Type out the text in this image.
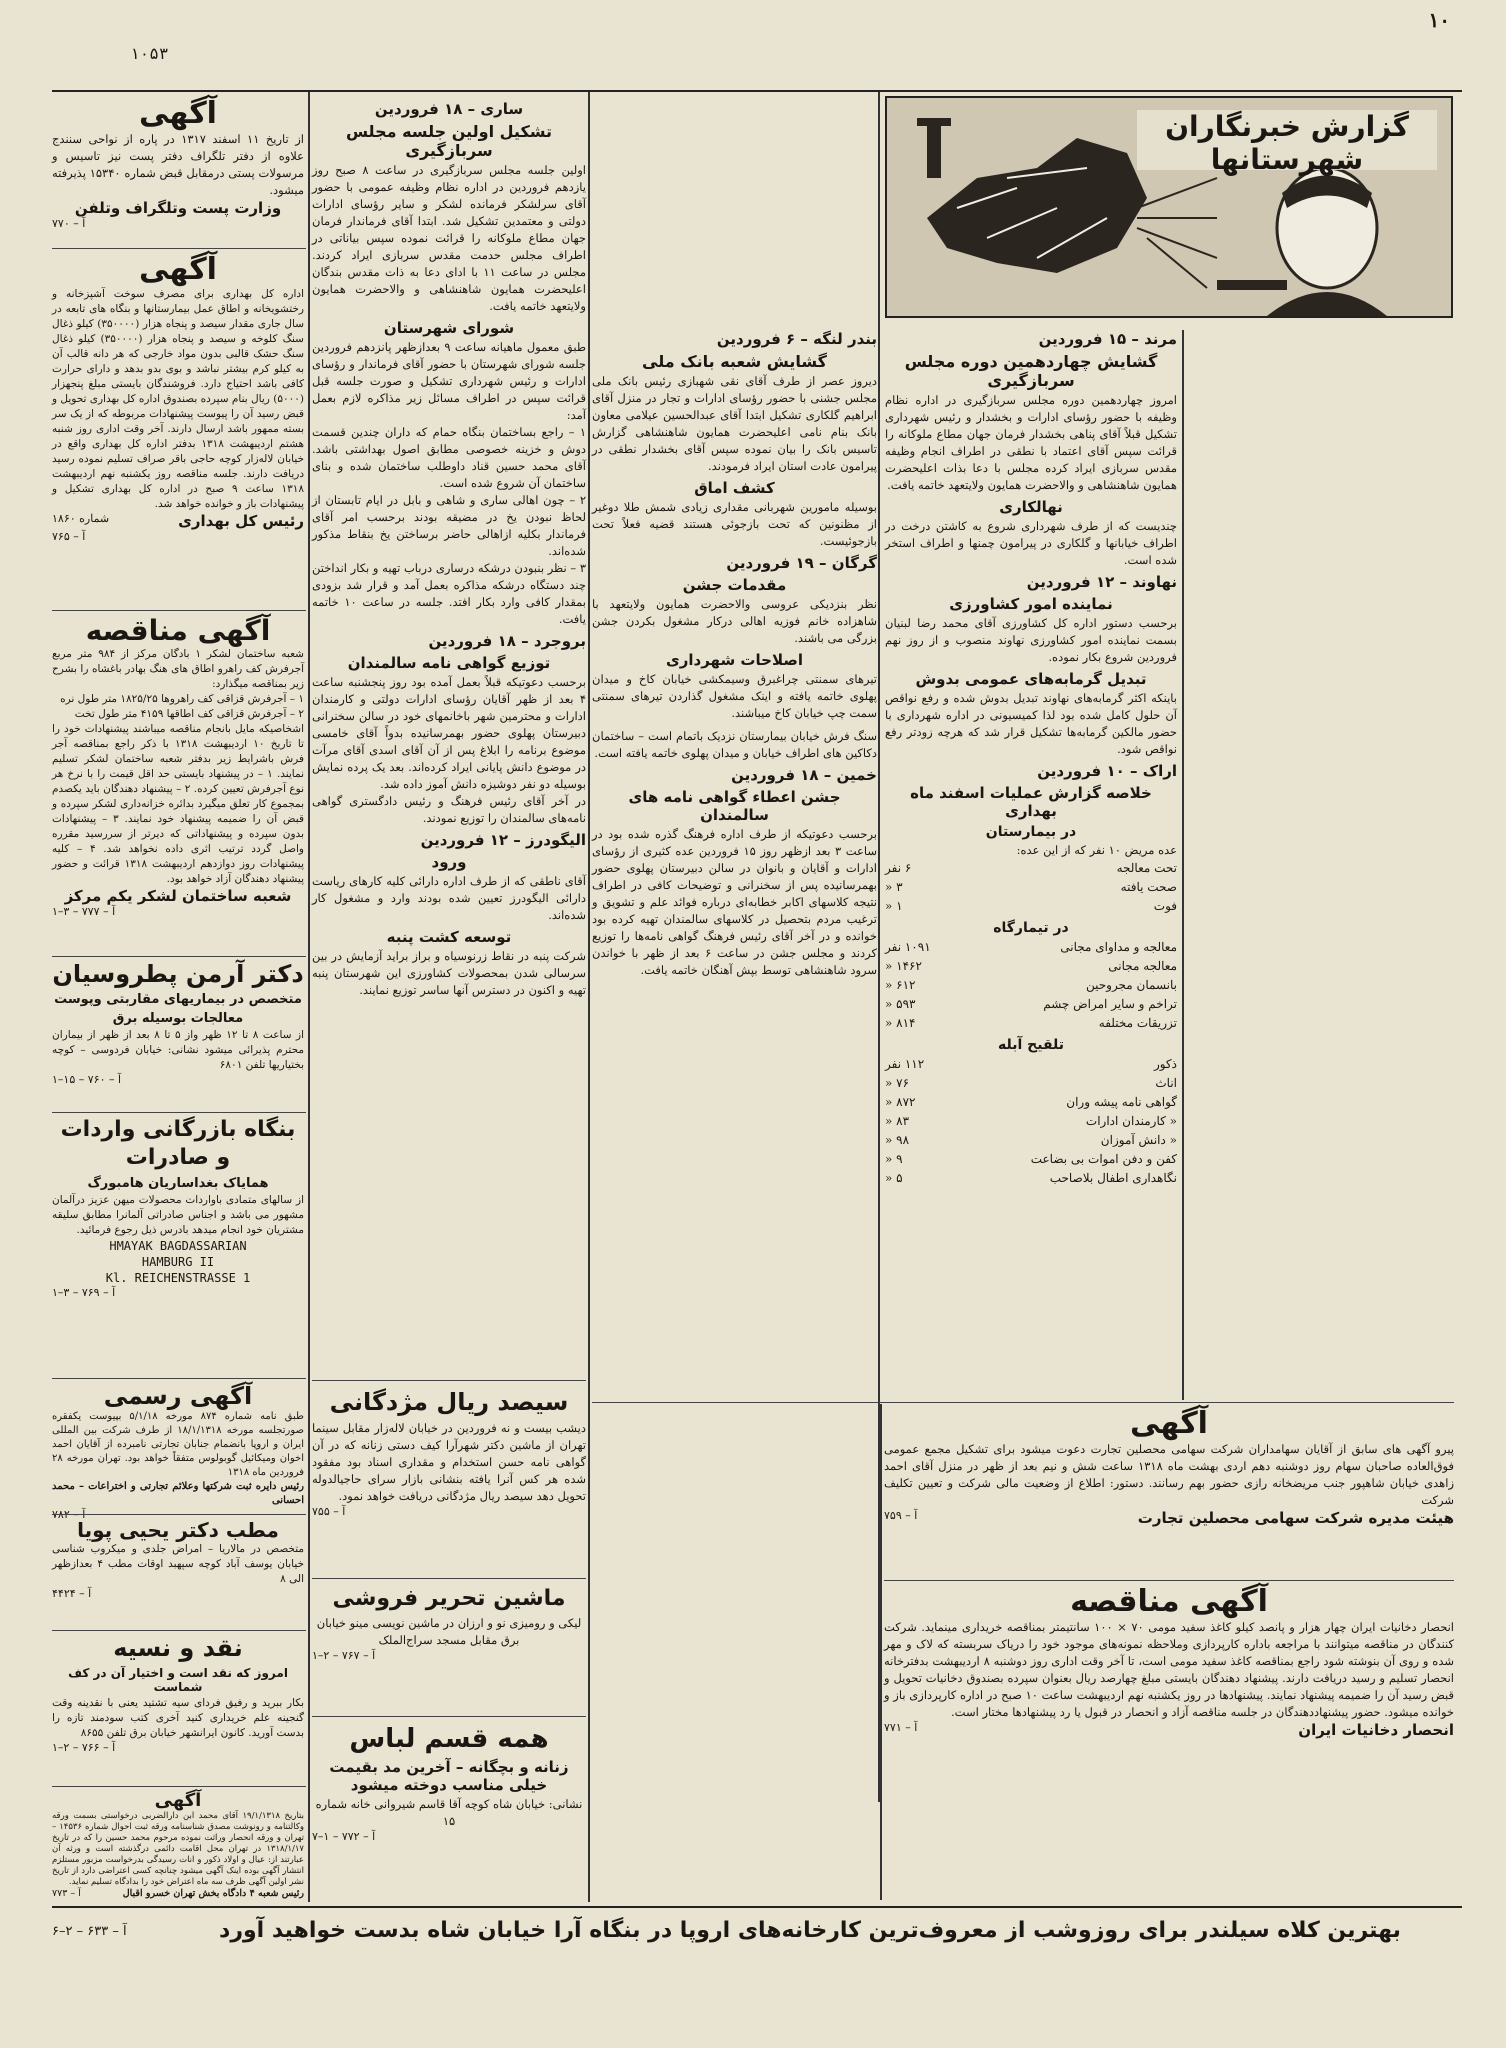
۱۰
۱۰۵۳
گزارش خبرنگاران شهرستانها
مرند – ۱۵ فروردین
گشایش چهاردهمین دوره مجلس سربازگیری
امروز چهاردهمین دوره مجلس سربازگیری در اداره نظام وظیفه با حضور رؤسای ادارات و بخشدار و رئیس شهرداری تشکیل قبلاً آقای پناهی بخشدار فرمان جهان مطاع ملوکانه را قرائت سپس آقای اعتماد با نطقی در اطراف انجام وظیفه مقدس سربازی ایراد کرده مجلس با دعا بذات اعلیحضرت همایون شاهنشاهی و والاحضرت همایون ولایتعهد خاتمه یافت.
نهالکاری
چندیست که از طرف شهرداری شروع به کاشتن درخت در اطراف خیابانها و گلکاری در پیرامون چمنها و اطراف استخر شده است.
نهاوند – ۱۲ فروردین
نماینده امور کشاورزی
برحسب دستور اداره کل کشاورزی آقای محمد رضا لبنیان بسمت نماینده امور کشاورزی نهاوند منصوب و از روز نهم فروردین شروع بکار نموده.
تبدیل گرمابه‌های عمومی بدوش
باینکه اکثر گرمابه‌های نهاوند تبدیل بدوش شده و رفع نواقص آن حلول کامل شده بود لذا کمیسیونی در اداره شهرداری با حضور مالکین گرمابه‌ها تشکیل قرار شد که هرچه زودتر رفع نواقص شود.
اراک – ۱۰ فروردین
خلاصه گزارش عملیات اسفند ماه بهداری
در بیمارستان
عده مریض ۱۰ نفر که از این عده:
تحت معالجه
۶ نفر
صحت یافته
۳ «
فوت
۱ «
در تیمارگاه
معالجه و مداوای مجانی
۱۰۹۱ نفر
معالجه مجانی
۱۴۶۲ «
بانسمان مجروحین
۶۱۲ «
تراخم و سایر امراض چشم
۵۹۳ «
تزریقات مختلفه
۸۱۴ «
تلقیح آبله
ذکور
۱۱۲ نفر
اناث
۷۶ «
گواهی نامه پیشه وران
۸۷۲ «
« کارمندان ادارات
۸۳ «
« دانش آموزان
۹۸ «
کفن و دفن اموات بی بضاعت
۹ «
نگاهداری اطفال بلاصاحب
۵ «
بندر لنگه – ۶ فروردین
گشایش شعبه بانک ملی
دیروز عصر از طرف آقای نقی شهبازی رئیس بانک ملی مجلس جشنی با حضور رؤسای ادارات و تجار در منزل آقای ابراهیم گلکاری تشکیل ابتدا آقای عبدالحسین عیلامی معاون بانک بنام نامی اعلیحضرت همایون شاهنشاهی گزارش تاسیس بانک را بیان نموده سپس آقای بخشدار نطقی در پیرامون عادت استان ایراد فرمودند.
کشف اماق
بوسیله مامورین شهربانی مقداری زیادی شمش طلا دوغیر از مظنونین که تحت بازجوئی هستند قضیه فعلاً تحت بازجوئیست.
گرگان – ۱۹ فروردین
مقدمات جشن
نظر بنزدیکی عروسی والاحضرت همایون ولایتعهد با شاهزاده خانم فوزیه اهالی درکار مشغول بکردن جشن بزرگی می باشند.
اصلاحات شهرداری
تیرهای سمنتی چراغبرق وسیمکشی خیابان کاخ و میدان پهلوی خاتمه یافته و اینک مشغول گذاردن تیرهای سمنتی سمت چپ خیابان کاخ میباشند.
سنگ فرش خیابان بیمارستان نزدیک باتمام است – ساختمان دکاکین های اطراف خیابان و میدان پهلوی خاتمه یافته است.
خمین – ۱۸ فروردین
جشن اعطاء گواهی نامه های سالمندان
برحسب دعوتیکه از طرف اداره فرهنگ گذره شده بود در ساعت ۳ بعد ازظهر روز ۱۵ فروردین عده کثیری از رؤسای ادارات و آقایان و بانوان در سالن دبیرستان پهلوی حضور بهمرسانیده پس از سخنرانی و توضیحات کافی در اطراف نتیجه کلاسهای اکابر خطابه‌ای درباره فوائد علم و تشویق و ترغیب مردم بتحصیل در کلاسهای سالمندان تهیه کرده بود خوانده و در آخر آقای رئیس فرهنگ گواهی نامه‌ها را توزیع کردند و مجلس جشن در ساعت ۶ بعد از ظهر با خواندن سرود شاهنشاهی توسط بپش آهنگان خاتمه یافت.
ساری – ۱۸ فروردین
تشکیل اولین جلسه مجلس سربازگیری
اولین جلسه مجلس سربازگیری در ساعت ۸ صبح روز یازدهم فروردین در اداره نظام وظیفه عمومی با حضور آقای سرلشکر فرمانده لشکر و سایر رؤسای ادارات دولتی و معتمدین تشکیل شد. ابتدا آقای فرماندار فرمان جهان مطاع ملوکانه را قرائت نموده سپس بیاناتی در اطراف مجلس حدمت مقدس سربازی ایراد کردند. مجلس در ساعت ۱۱ با ادای دعا به ذات مقدس بندگان اعلیحضرت همایون شاهنشاهی و والاحضرت همایون ولایتعهد خاتمه یافت.
شورای شهرستان
طبق معمول ماهیانه ساعت ۹ بعدازظهر پانزدهم فروردین جلسه شورای شهرستان با حضور آقای فرماندار و رؤسای ادارات و رئیس شهرداری تشکیل و صورت جلسه قبل قرائت سپس در اطراف مسائل زیر مذاکره لازم بعمل آمد:
۱ – راجع بساختمان بنگاه حمام که داران چندین قسمت دوش و خزینه خصوصی مطابق اصول بهداشتی باشد. آقای محمد حسین قناد داوطلب ساختمان شده و بنای ساختمان آن شروع شده است.
۲ – چون اهالی ساری و شاهی و بابل در ایام تابستان از لحاظ نبودن یخ در مضیقه بودند برحسب امر آقای فرماندار بکلیه ازاهالی حاضر برساختن یخ بنقاط مذکور شده‌اند.
۳ – نظر بنبودن درشکه درساری درباب تهیه و بکار انداختن چند دستگاه درشکه مذاکره بعمل آمد و قرار شد بزودی بمقدار کافی وارد بکار افتد. جلسه در ساعت ۱۰ خاتمه یافت.
بروجرد – ۱۸ فروردین
توزیع گواهی نامه سالمندان
برحسب دعوتیکه قبلاً بعمل آمده بود روز پنجشنبه ساعت ۴ بعد از ظهر آقایان رؤسای ادارات دولتی و کارمندان ادارات و محترمین شهر باخانمهای خود در سالن سخنرانی دبیرستان پهلوی حضور بهمرسانیده بدواً آقای خامسی موضوع برنامه را ابلاغ پس از آن آقای اسدی آقای مرآت در موضوع دانش پایانی ایراد کرده‌اند. بعد یک پرده نمایش بوسیله دو نفر دوشیزه دانش آموز داده شد.
در آخر آقای رئیس فرهنگ و رئیس دادگستری گواهی نامه‌های سالمندان را توزیع نمودند.
الیگودرز – ۱۲ فروردین
ورود
آقای ناطقی که از طرف اداره دارائی کلیه کارهای ریاست دارائی الیگودرز تعیین شده بودند وارد و مشغول کار شده‌اند.
توسعه کشت پنبه
شرکت پنبه در نقاط زرنوسیاه و براز براید آزمایش در بین سرسالی شدن بمحصولات کشاورزی این شهرستان پنبه تهیه و اکنون در دسترس آنها ساسر توزیع نمایند.
سیصد ریال مژدگانی
دیشب بیست و نه فروردین در خیابان لاله‌زار مقابل سینما تهران از ماشین دکتر شهرآرا کیف دستی زنانه که در آن گواهی نامه حسن استخدام و مقداری اسناد بود مفقود شده هر کس آنرا یافته بنشانی بازار سرای حاجیالدوله تحویل دهد سیصد ریال مژدگانی دریافت خواهد نمود.
آ – ۷۵۵
ماشین تحریر فروشی
لیکی و رومیزی نو و ارزان در ماشین نویسی مینو خیابان برق مقابل مسجد سراج‌الملک
آ – ۷۶۷ – ۲–۱
همه قسم لباس
زنانه و بچگانه – آخرین مد بقیمت خیلی مناسب دوخته میشود
نشانی: خیابان شاه کوچه آقا قاسم شیروانی خانه شماره ۱۵
آ – ۷۷۲ – ۱–۷
آگهی
پیرو آگهی های سابق از آقایان سهامداران شرکت سهامی محصلین تجارت دعوت میشود برای تشکیل مجمع عمومی فوق‌العاده صاحبان سهام روز دوشنبه دهم اردی بهشت ماه ۱۳۱۸ ساعت شش و نیم بعد از ظهر در منزل آقای احمد زاهدی خیابان شاهپور جنب مریضخانه رازی حضور بهم رسانند. دستور: اطلاع از وضعیت مالی شرکت و تعیین تکلیف شرکت
هیئت مدیره شرکت سهامی محصلین تجارت
آ – ۷۵۹
آگهی مناقصه
انحصار دخانیات ایران چهار هزار و پانصد کیلو کاغذ سفید مومی ۷۰ × ۱۰۰ سانتیمتر بمناقصه خریداری مینماید. شرکت کنندگان در مناقصه میتوانند با مراجعه باداره کارپردازی وملاحظه نمونه‌های موجود خود را دریاک سربسته که لاک و مهر شده و روی آن بنوشته شود راجع بمناقصه کاغذ سفید مومی است، تا آخر وقت اداری روز دوشنبه ۸ اردیبهشت بدفترخانه انحصار تسلیم و رسید دریافت دارند. پیشنهاد دهندگان بایستی مبلغ چهارصد ریال بعنوان سپرده بصندوق دخانیات تحویل و قبض رسید آن را ضمیمه پیشنهاد نمایند. پیشنهادها در روز یکشنبه نهم اردیبهشت ساعت ۱۰ صبح در اداره کارپردازی باز و خوانده میشود. حضور پیشنهاددهندگان در جلسه مناقصه آزاد و انحصار در قبول یا رد پیشنهادها مختار است.
انحصار دخانیات ایران
آ – ۷۷۱
آگهی
از تاریخ ۱۱ اسفند ۱۳۱۷ در پاره از نواحی سنندج علاوه از دفتر تلگراف دفتر پست نیز تاسیس و مرسولات پستی درمقابل قبض شماره ۱۵۳۴۰ پذیرفته میشود.
وزارت پست وتلگراف وتلفن
آ – ۷۷۰
آگهی
اداره کل بهداری برای مصرف سوخت آشپزخانه و رختشویخانه و اطاق عمل بیمارستانها و بنگاه های تابعه در سال جاری مقدار سیصد و پنجاه هزار (۳۵۰۰۰۰) کیلو ذغال سنگ کلوخه و سیصد و پنجاه هزار (۳۵۰۰۰۰) کیلو ذغال سنگ حشک قالبی بدون مواد خارجی که هر دانه قالب آن به کیلو کرم بیشتر نباشد و بوی بدو بدهد و دارای حرارت کافی باشد احتیاج دارد. فروشندگان بایستی مبلغ پنجهزار (۵۰۰۰) ریال بنام سپرده بصندوق اداره کل بهداری تحویل و قبض رسید آن را پیوست پیشنهادات مربوطه که از یک سر بسته ممهور باشد ارسال دارند. آخر وقت اداری روز شنبه هشتم اردیبهشت ۱۳۱۸ بدفتر اداره کل بهداری واقع در خیابان لاله‌زار کوچه حاجی باقر صراف تسلیم نموده رسید دریافت دارند. جلسه مناقصه روز یکشنبه نهم اردیبهشت ۱۳۱۸ ساعت ۹ صبح در اداره کل بهداری تشکیل و پیشنهادات باز و خوانده خواهد شد.
رئیس کل بهداری
شماره ۱۸۶۰
آ – ۷۶۵
آگهی مناقصه
شعبه ساختمان لشکر ۱ بادگان مرکز از ۹۸۴ متر مربع آجرفرش کف راهرو اطاق های هنگ بهادر باغشاه را بشرح زیر بمناقصه میگذارد:
۱ – آجرفرش قزاقی کف راهروها ۱۸۲۵/۲۵ متر طول نره
۲ – آجرفرش قزاقی کف اطاقها ۴۱۵۹ متر طول تخت
اشخاصیکه مایل بانجام مناقصه میباشند پیشنهادات خود را تا تاریخ ۱۰ اردیبهشت ۱۳۱۸ با ذکر راجع بمناقصه آجر فرش باشرایط زیر بدفتر شعبه ساختمان لشکر تسلیم نمایند. ۱ – در پیشنهاد بایستی حد اقل قیمت را با نرخ هر نوع آجرفرش تعیین کرده. ۲ – پیشنهاد دهندگان باید یکصدم بمجموع کار تعلق میگیرد بدائره خزانه‌داری لشکر سپرده و قبض آن را ضمیمه پیشنهاد خود نمایند. ۳ – پیشنهادات بدون سپرده و پیشنهاداتی که دیرتر از سررسید مقرره واصل گردد ترتیب اثری داده نخواهد شد. ۴ – کلیه پیشنهادات روز دوازدهم اردیبهشت ۱۳۱۸ قرائت و حضور پیشنهاد دهندگان آزاد خواهد بود.
شعبه ساختمان لشکر یکم مرکز
آ – ۷۷۷ – ۳–۱
دکتر آرمن پطروسیان
متخصص در بیماریهای مقاربتی وپوست
معالجات بوسیله برق
از ساعت ۸ تا ۱۲ ظهر واز ۵ تا ۸ بعد از ظهر از بیماران محترم پذیرائی میشود نشانی: خیابان فردوسی – کوچه بختیاریها تلفن ۶۸۰۱
آ – ۷۶۰ – ۱۵–۱
بنگاه بازرگانی واردات و صادرات
همایاک بغداساریان هامبورگ
از سالهای متمادی باواردات محصولات میهن عزیز درآلمان مشهور می باشد و اجناس صادراتی آلمانرا مطابق سلیقه مشتریان خود انجام میدهد بادرس ذیل رجوع فرمائید.
HMAYAK BAGDASSARIAN
HAMBURG II
Kl. REICHENSTRASSE 1
آ – ۷۶۹ – ۳–۱
آگهی رسمی
طبق نامه شماره ۸۷۴ مورخه ۵/۱/۱۸ بپیوست یکفقره صورتجلسه مورخه ۱۸/۱/۱۳۱۸ از طرف شرکت بین المللی ایران و اروپا بانضمام جنابان تجارتی نامبرده از آقایان احمد اخوان ومیکائیل گوبولوس متفقاً خواهد بود. تهران مورخه ۲۸ فروردین ماه ۱۳۱۸
رئیس دایره ثبت شرکتها وعلائم تجارتی و اختراعات – محمد احسانی
آ – ۷۸۲
مطب دکتر یحیی پویا
متخصص در مالاریا – امراض جلدی و میکروب شناسی خیابان یوسف آباد کوچه سپهبد اوقات مطب ۴ بعدازظهر الی ۸
آ – ۴۴۲۴
نقد و نسیه
امروز که نقد است و اختیار آن در کف شماست
بکار ببرید و رفیق فردای سیه تشتید یعنی با نقدینه وقت گنجینه علم خریداری کنید آخری کتب سودمند تازه را بدست آورید. کانون ایرانشهر خیابان برق تلفن ۸۶۵۵
آ – ۷۶۶ – ۲–۱
آگهی
بتاریخ ۱۹/۱/۱۳۱۸ آقای محمد ابن دارالضربی درخواستی بسمت ورقه وکالتنامه و رونوشت مصدق شناسنامه ورقه ثبت احوال شماره ۱۴۵۳۶ – تهران و ورقه انحصار وراثت نموده مرحوم محمد حسین را که در تاریخ ۱۳۱۸/۱/۱۷ در تهران محل اقامت دائمی درگذشته است و ورثه آن عبارتند از: عیال و اولاد ذکور و انات رسیدگی بدرخواست مزبور مستلزم انتشار آگهی بوده اینک آگهی میشود چنانچه کسی اعتراضی دارد از تاریخ نشر اولین آگهی ظرف سه ماه اعتراض خود را بدادگاه تسلیم نماید.
رئیس شعبه ۴ دادگاه بخش تهران خسرو اقبال
آ – ۷۷۳
بهترین کلاه سیلندر برای روزوشب از معروف‌ترین کارخانه‌های اروپا در بنگاه آرا خیابان شاه بدست خواهید آورد
آ – ۶۳۳ – ۲–۶
